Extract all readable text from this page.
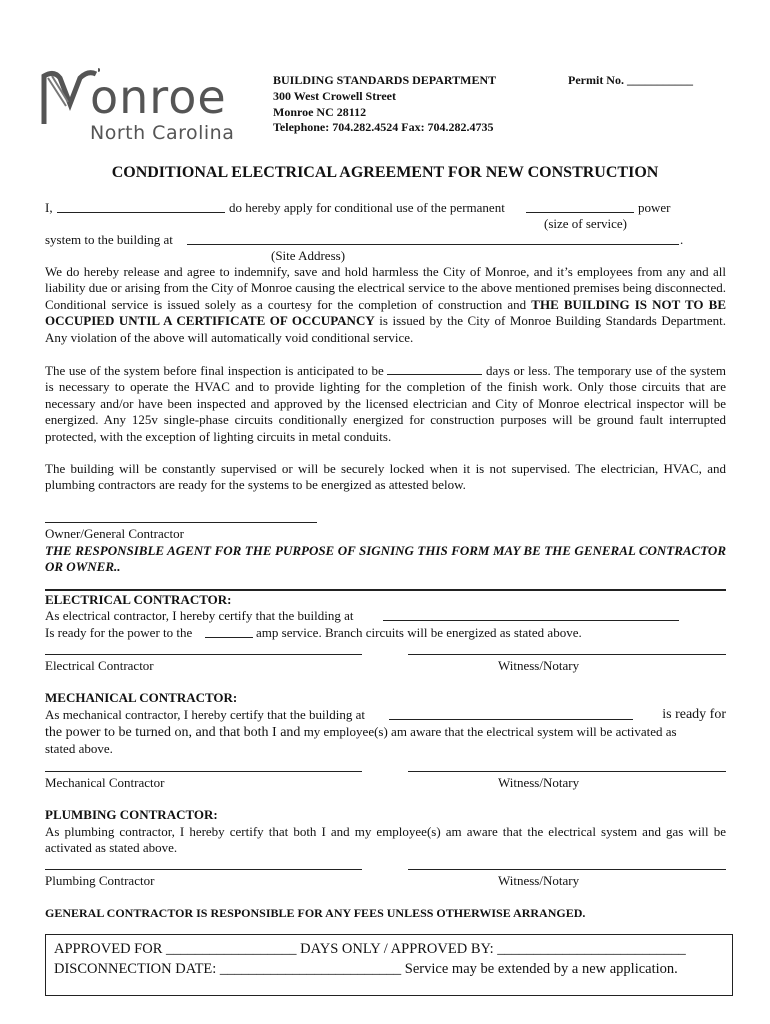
onroe
North Carolina
BUILDING STANDARDS DEPARTMENT
300 West Crowell Street
Monroe NC 28112
Telephone: 704.282.4524 Fax: 704.282.4735
Permit No. ___________
CONDITIONAL ELECTRICAL AGREEMENT FOR NEW CONSTRUCTION
I,	do hereby apply for conditional use of the permanent	power
(size of service)
system to the building at	.
(Site Address)
We do hereby release and agree to indemnify, save and hold harmless the City of Monroe, and it’s employees from any and all liability due or arising from the City of Monroe causing the electrical service to the above mentioned premises being disconnected. Conditional service is issued solely as a courtesy for the completion of construction and THE BUILDING IS NOT TO BE OCCUPIED UNTIL A CERTIFICATE OF OCCUPANCY is issued by the City of Monroe Building Standards Department. Any violation of the above will automatically void conditional service.
The use of the system before final inspection is anticipated to be	days or less. The temporary use of the system is necessary to operate the HVAC and to provide lighting for the completion of the finish work. Only those circuits that are necessary and/or have been inspected and approved by the licensed electrician and City of Monroe electrical inspector will be energized. Any 125v single-phase circuits conditionally energized for construction purposes will be ground fault interrupted protected, with the exception of lighting circuits in metal conduits.
The building will be constantly supervised or will be securely locked when it is not supervised. The electrician, HVAC, and plumbing contractors are ready for the systems to be energized as attested below.
Owner/General Contractor
THE RESPONSIBLE AGENT FOR THE PURPOSE OF SIGNING THIS FORM MAY BE THE GENERAL CONTRACTOR OR OWNER..
ELECTRICAL CONTRACTOR:
As electrical contractor, I hereby certify that the building at
Is ready for the power to the	amp service. Branch circuits will be energized as stated above.
Electrical Contractor	Witness/Notary
MECHANICAL CONTRACTOR:
As mechanical contractor, I hereby certify that the building at	is ready for
the power to be turned on, and that both I and my employee(s) am aware that the electrical system will be activated as
stated above.
Mechanical Contractor	Witness/Notary
PLUMBING CONTRACTOR:
As plumbing contractor, I hereby certify that both I and my employee(s) am aware that the electrical system and gas will be activated as stated above.
Plumbing Contractor	Witness/Notary
GENERAL CONTRACTOR IS RESPONSIBLE FOR ANY FEES UNLESS OTHERWISE ARRANGED.
APPROVED FOR __________________ DAYS ONLY / APPROVED BY: __________________________
DISCONNECTION DATE: _________________________ Service may be extended by a new application.
